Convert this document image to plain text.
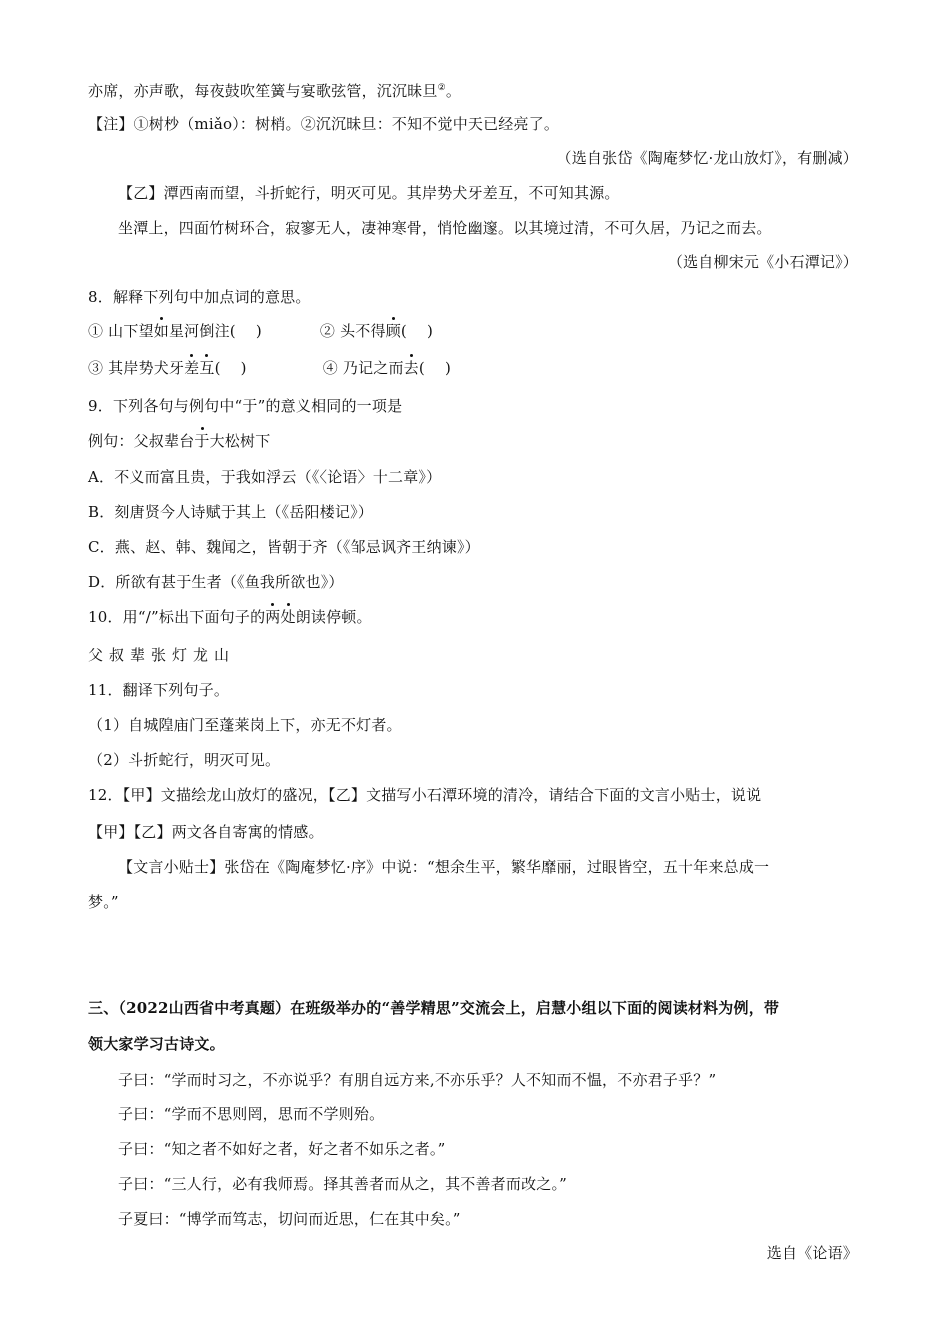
亦席，亦声歌，每夜鼓吹笙簧与宴歌弦管，沉沉昧旦②。
【注】①树杪（miǎo）：树梢。②沉沉昧旦：不知不觉中天已经亮了。
（选自张岱《陶庵梦忆·龙山放灯》，有删减）
【乙】潭西南而望，斗折蛇行，明灭可见。其岸势犬牙差互，不可知其源。
坐潭上，四面竹树环合，寂寥无人，凄神寒骨，悄怆幽邃。以其境过清，不可久居，乃记之而去。
（选自柳宋元《小石潭记》）
8．解释下列句中加点词的意思。
① 山下望如星河倒注( )	② 头不得顾( )
③ 其岸势犬牙差互( )	④ 乃记之而去( )
9．下列各句与例句中“于”的意义相同的一项是
例句：父叔辈台于大松树下
A．不义而富且贵，于我如浮云（《〈论语〉十二章》）
B．刻唐贤今人诗赋于其上（《岳阳楼记》）
C．燕、赵、韩、魏闻之，皆朝于齐（《邹忌讽齐王纳谏》）
D．所欲有甚于生者（《鱼我所欲也》）
10．用“/”标出下面句子的两处朗读停顿。
父叔辈张灯龙山
11．翻译下列句子。
（1）自城隍庙门至蓬莱岗上下，亦无不灯者。
（2）斗折蛇行，明灭可见。
12．【甲】文描绘龙山放灯的盛况，【乙】文描写小石潭环境的清冷，请结合下面的文言小贴士，说说
【甲】【乙】两文各自寄寓的情感。
【文言小贴士】张岱在《陶庵梦忆·序》中说：“想余生平，繁华靡丽，过眼皆空，五十年来总成一
梦。”
三、（2022山西省中考真题）在班级举办的“善学精思”交流会上，启慧小组以下面的阅读材料为例，带
领大家学习古诗文。
子曰：“学而时习之，不亦说乎？有朋自远方来,不亦乐乎？人不知而不愠，不亦君子乎？”
子曰：“学而不思则罔，思而不学则殆。
子曰：“知之者不如好之者，好之者不如乐之者。”
子曰：“三人行，必有我师焉。择其善者而从之，其不善者而改之。”
子夏曰：“博学而笃志，切问而近思，仁在其中矣。”
选自《论语》
